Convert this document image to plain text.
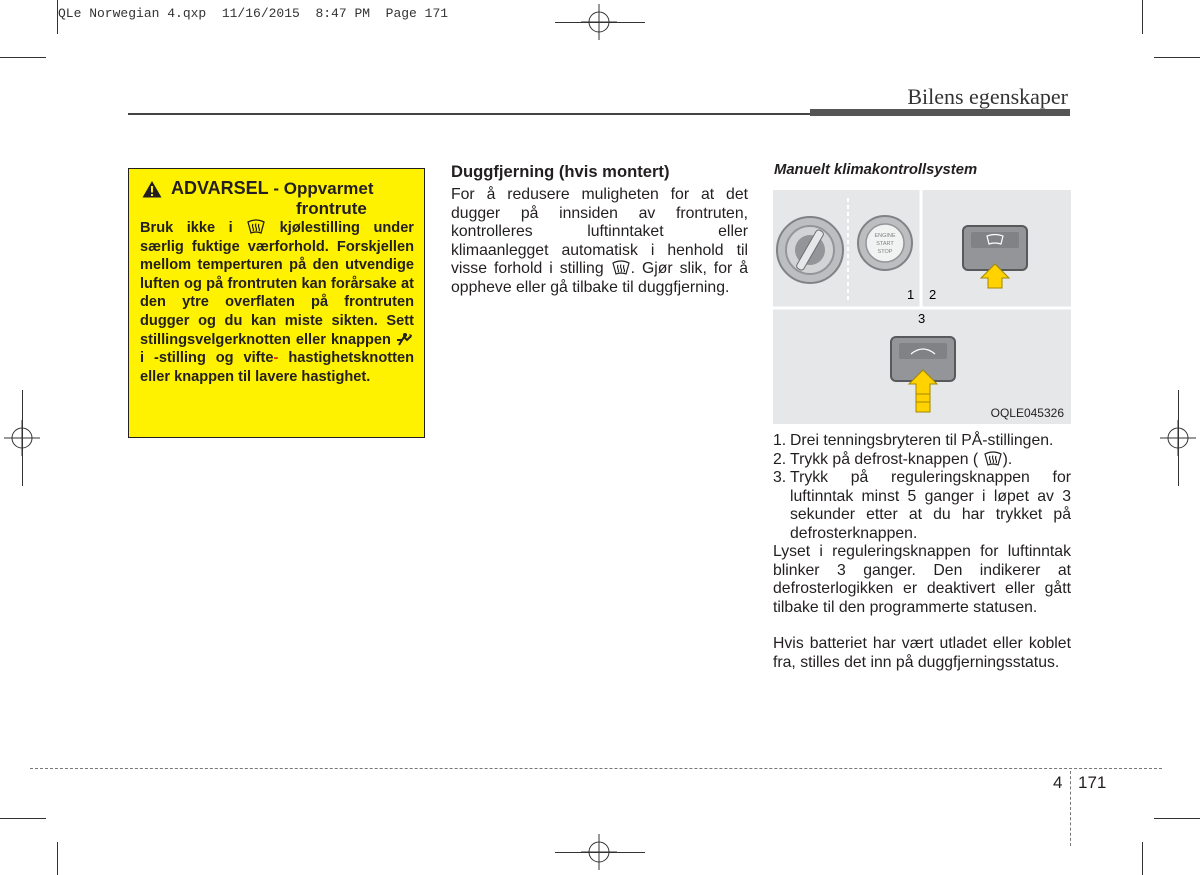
QLe Norwegian 4.qxp  11/16/2015  8:47 PM  Page 171
Bilens egenskaper
ADVARSEL - Oppvarmet
frontrute

Bruk ikke i  kjølestilling under særlig fuktige værforhold. Forskjellen mellom temperturen på den utvendige luften og på frontruten kan forårsake at den ytre overflaten på frontruten dugger og du kan miste sikten. Sett stillingsvelgerknotten eller knappen  i -stilling og vifte- hastighetsknotten eller knappen til lavere hastighet.

Duggfjerning (hvis montert)
For å redusere muligheten for at det dugger på innsiden av frontruten, kontrolleres luftinntaket eller klimaanlegget automatisk i henhold til visse forhold i stilling . Gjør slik, for å oppheve eller gå tilbake til duggfjerning.
Manuelt klimakontrollsystem
ENGINE
START
STOP
1 2
3
OQLE045326
1. Drei tenningsbryteren til PÅ-stillingen.
2. Trykk på defrost-knappen ( ).
3. Trykk på reguleringsknappen for luftinntak minst 5 ganger i løpet av 3 sekunder etter at du har trykket på defrosterknappen.

Lyset i reguleringsknappen for luftinntak blinker 3 ganger. Den indikerer at defrosterlogikken er deaktivert eller gått tilbake til den programmerte statusen.

Hvis batteriet har vært utladet eller koblet fra, stilles det inn på duggfjerningsstatus.

4 171
